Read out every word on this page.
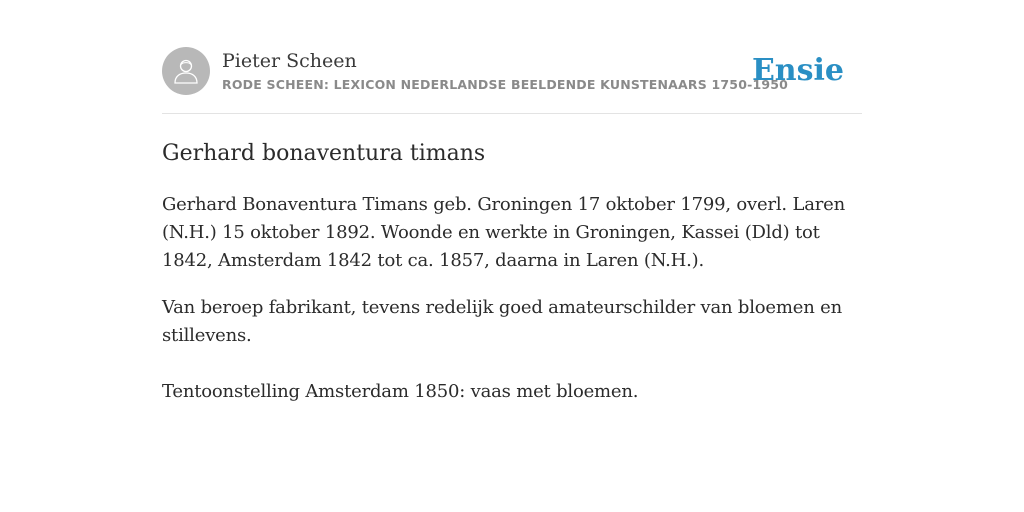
Pieter Scheen
RODE SCHEEN: LEXICON NEDERLANDSE BEELDENDE KUNSTENAARS 1750-1950
Ensie
Gerhard bonaventura timans

Gerhard Bonaventura Timans geb. Groningen 17 oktober 1799, overl. Laren (N.H.) 15 oktober 1892. Woonde en werkte in Groningen, Kassei (Dld) tot 1842, Amsterdam 1842 tot ca. 1857, daarna in Laren (N.H.).

Van beroep fabrikant, tevens redelijk goed amateurschilder van bloemen en stillevens.

Tentoonstelling Amsterdam 1850: vaas met bloemen.
